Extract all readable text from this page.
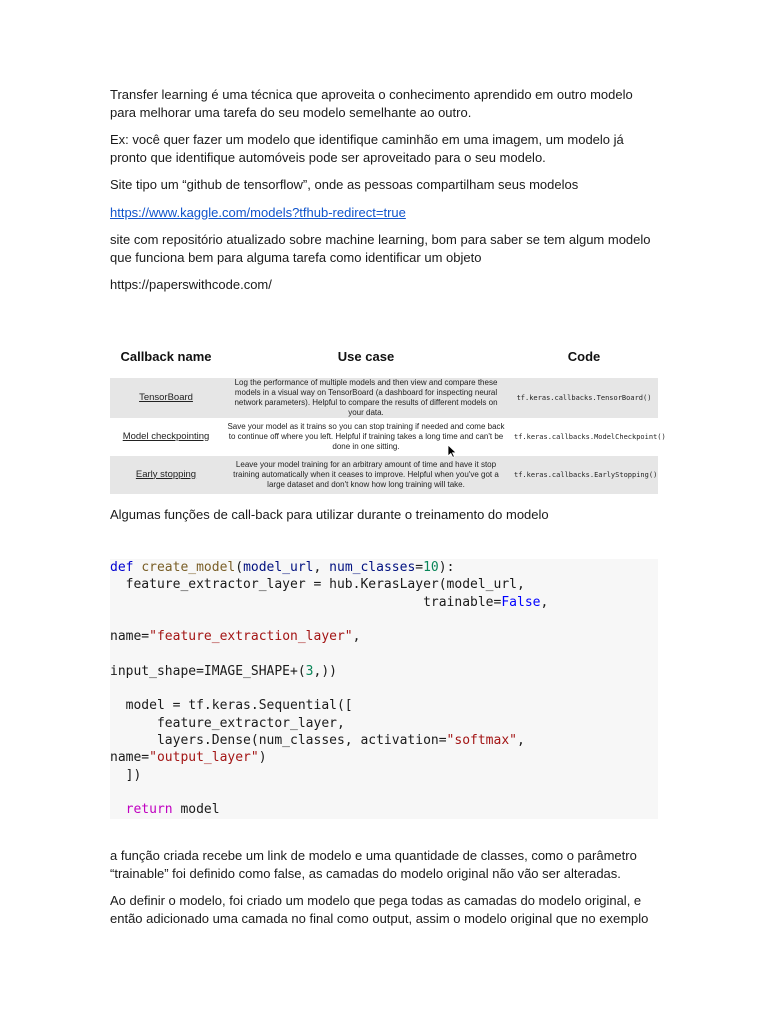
Transfer learning é uma técnica que aproveita o conhecimento aprendido em outro modelo para melhorar uma tarefa do seu modelo semelhante ao outro.

Ex: você quer fazer um modelo que identifique caminhão em uma imagem, um modelo já pronto que identifique automóveis pode ser aproveitado para o seu modelo.

Site tipo um “github de tensorflow”, onde as pessoas compartilham seus modelos

https://www.kaggle.com/models?tfhub-redirect=true

site com repositório atualizado sobre machine learning, bom para saber se tem algum modelo que funciona bem para alguma tarefa como identificar um objeto

https://paperswithcode.com/

Callback name	Use case	Code
TensorBoard	Log the performance of multiple models and then view and compare these models in a visual way on TensorBoard (a dashboard for inspecting neural network parameters). Helpful to compare the results of different models on your data.	tf.keras.callbacks.TensorBoard()
Model checkpointing	Save your model as it trains so you can stop training if needed and come back to continue off where you left. Helpful if training takes a long time and can't be done in one sitting.	tf.keras.callbacks.ModelCheckpoint()
Early stopping	Leave your model training for an arbitrary amount of time and have it stop training automatically when it ceases to improve. Helpful when you've got a large dataset and don't know how long training will take.	tf.keras.callbacks.EarlyStopping()

Algumas funções de call-back para utilizar durante o treinamento do modelo

def create_model(model_url, num_classes=10):
feature_extractor_layer = hub.KerasLayer(model_url,
trainable=False,

name="feature_extraction_layer",

input_shape=IMAGE_SHAPE+(3,))

model = tf.keras.Sequential([
feature_extractor_layer,
layers.Dense(num_classes, activation="softmax",
name="output_layer")
])

return model

a função criada recebe um link de modelo e uma quantidade de classes, como o parâmetro “trainable” foi definido como false, as camadas do modelo original não vão ser alteradas.

Ao definir o modelo, foi criado um modelo que pega todas as camadas do modelo original, e então adicionado uma camada no final como output, assim o modelo original que no exemplo
